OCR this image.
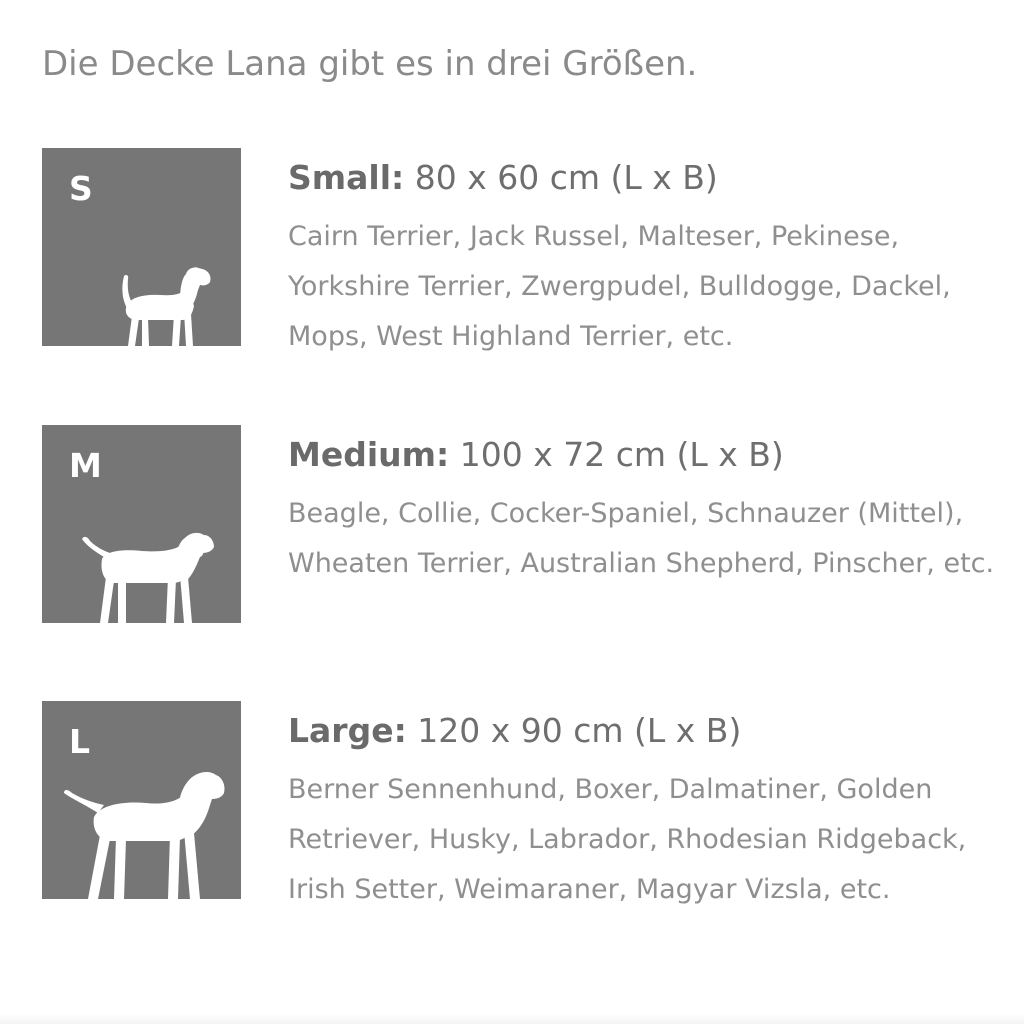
Die Decke Lana gibt es in drei Größen.
S	Small: 80 x 60 cm (L x B)

Cairn Terrier, Jack Russel, Malteser, Pekinese, Yorkshire Terrier, Zwergpudel, Bulldogge, Dackel, Mops, West Highland Terrier, etc.

M	Medium: 100 x 72 cm (L x B)

Beagle, Collie, Cocker-Spaniel, Schnauzer (Mittel), Wheaten Terrier, Australian Shepherd, Pinscher, etc.

L	Large: 120 x 90 cm (L x B)

Berner Sennenhund, Boxer, Dalmatiner, Golden Retriever, Husky, Labrador, Rhodesian Ridgeback, Irish Setter, Weimaraner, Magyar Vizsla, etc.
